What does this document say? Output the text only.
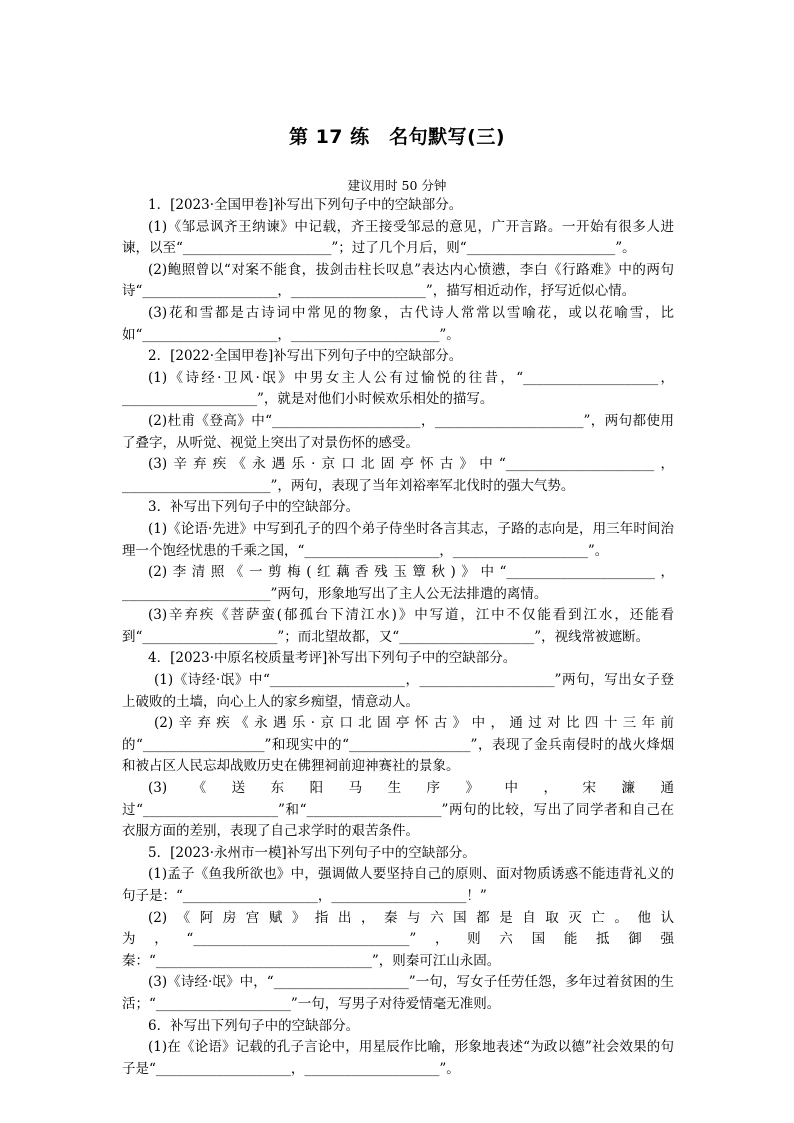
第 17 练　名句默写(三)
建议用时 50 分钟

1．[2023·全国甲卷]补写出下列句子中的空缺部分。

(1)《邹忌讽齐王纳谏》中记载，齐王接受邹忌的意见，广开言路。一开始有很多人进谏，以至“______________________”；过了几个月后，则“______________________”。

(2)鲍照曾以“对案不能食，拔剑击柱长叹息”表达内心愤懑，李白《行路难》中的两句诗“____________________，____________________”，描写相近动作，抒写近似心情。

(3)花和雪都是古诗词中常见的物象，古代诗人常常以雪喻花，或以花喻雪，比如“____________________，______________________”。

2．[2022·全国甲卷]补写出下列句子中的空缺部分。

(1)《诗经·卫风·氓》中男女主人公有过愉悦的往昔，“____________________，____________________”，就是对他们小时候欢乐相处的描写。

(2)杜甫《登高》中“______________________，______________________”，两句都使用了叠字，从听觉、视觉上突出了对景伤怀的感受。

(3)辛弃疾《永遇乐·京口北固亭怀古》中“______________________，______________________”，两句，表现了当年刘裕率军北伐时的强大气势。

3．补写出下列句子中的空缺部分。

(1)《论语·先进》中写到孔子的四个弟子侍坐时各言其志，子路的志向是，用三年时间治理一个饱经忧患的千乘之国，“____________________，____________________”。

(2)李清照《一剪梅(红藕香残玉簟秋)》中“______________________，______________________”两句，形象地写出了主人公无法排遣的离情。

(3)辛弃疾《菩萨蛮(郁孤台下清江水)》中写道，江中不仅能看到江水，还能看到“____________________”；而北望故都，又“____________________”，视线常被遮断。

4．[2023·中原名校质量考评]补写出下列句子中的空缺部分。

(1)《诗经·氓》中“____________________，____________________”两句，写出女子登上破败的土墙，向心上人的家乡痴望，情意动人。

(2)辛弃疾《永遇乐·京口北固亭怀古》中，通过对比四十三年前的“__________________”和现实中的“__________________”，表现了金兵南侵时的战火烽烟和被占区人民忘却战败历史在佛狸祠前迎神赛社的景象。

(3)《送东阳马生序》中，宋濂通过“____________________”和“____________________”两句的比较，写出了同学者和自己在衣服方面的差别，表现了自己求学时的艰苦条件。

5．[2023·永州市一模]补写出下列句子中的空缺部分。

(1)孟子《鱼我所欲也》中，强调做人要坚持自己的原则、面对物质诱惑不能违背礼义的句子是：“____________________，____________________！”

(2)《阿房宫赋》指出，秦与六国都是自取灭亡。他认为，“________________________________”，则六国能抵御强秦：“________________________________”，则秦可江山永固。

(3)《诗经·氓》中，“____________________”一句，写女子任劳任怨，多年过着贫困的生活；“____________________”一句，写男子对待爱情毫无准则。

6．补写出下列句子中的空缺部分。

(1)在《论语》记载的孔子言论中，用星辰作比喻，形象地表述“为政以德”社会效果的句子是“____________________，____________________”。
